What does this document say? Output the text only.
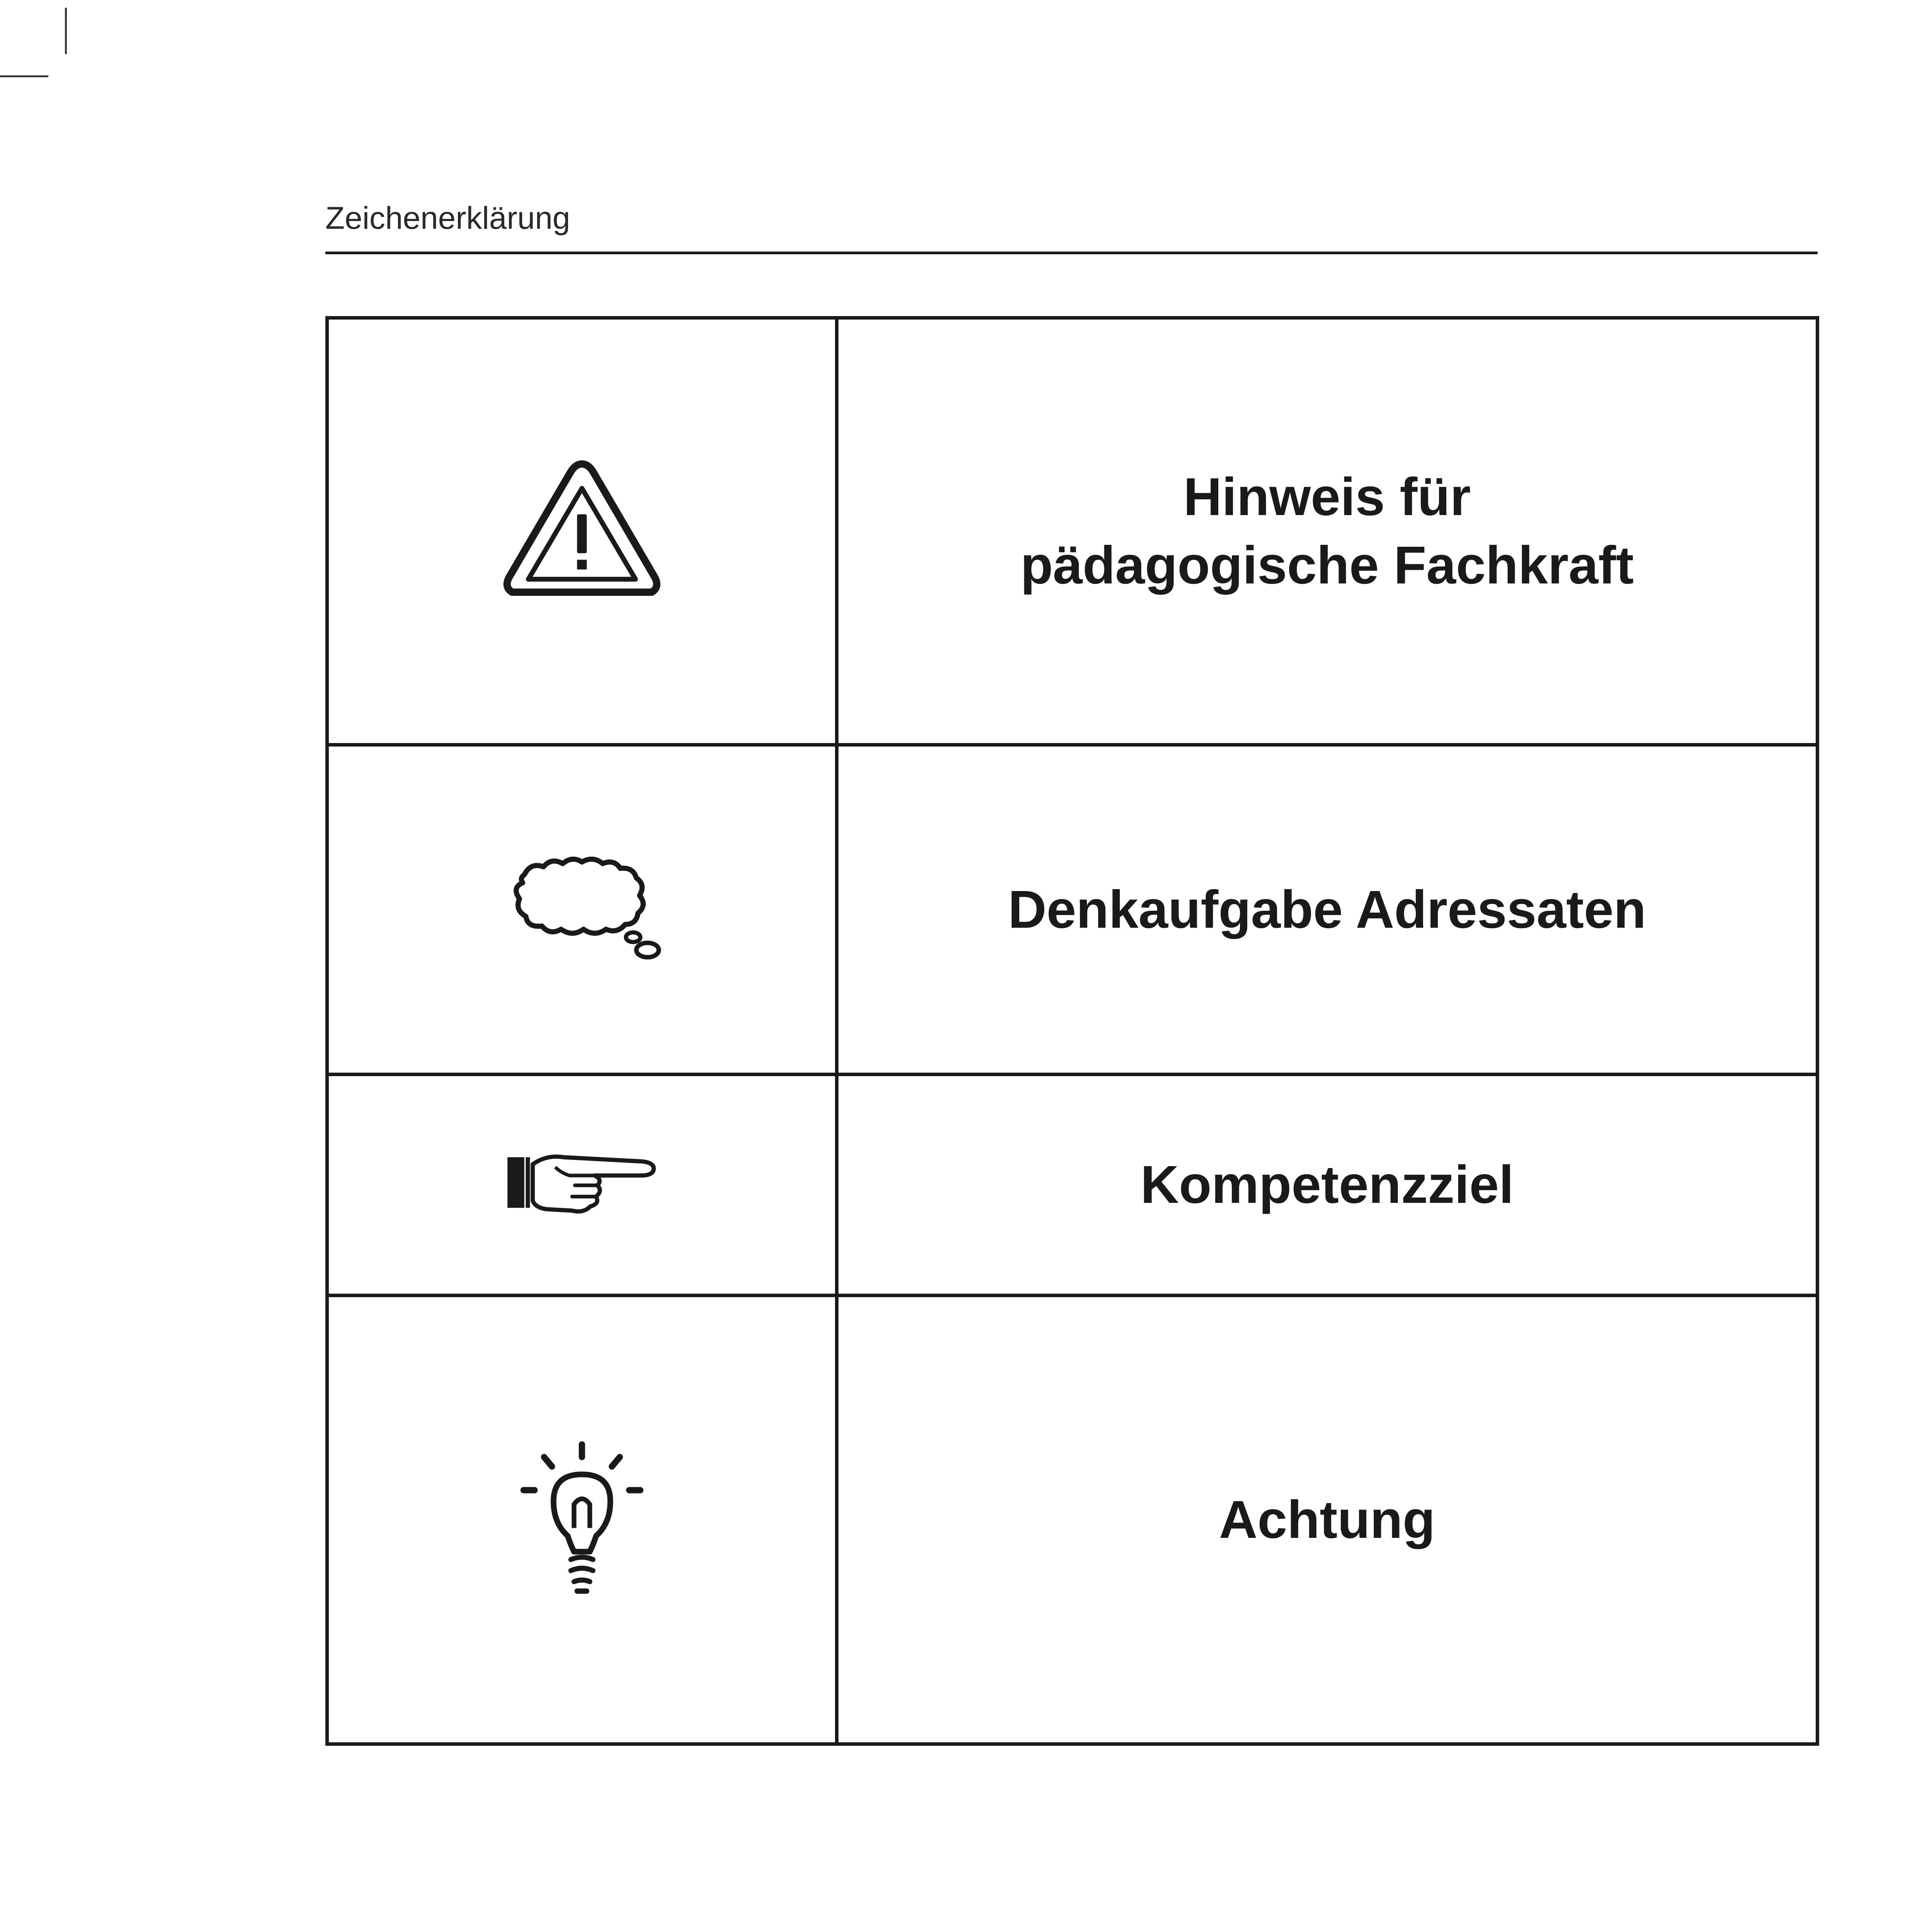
Zeichenerklärung

Hinweis für
pädagogische Fachkraft

Denkaufgabe Adressaten

Kompetenzziel

Achtung
